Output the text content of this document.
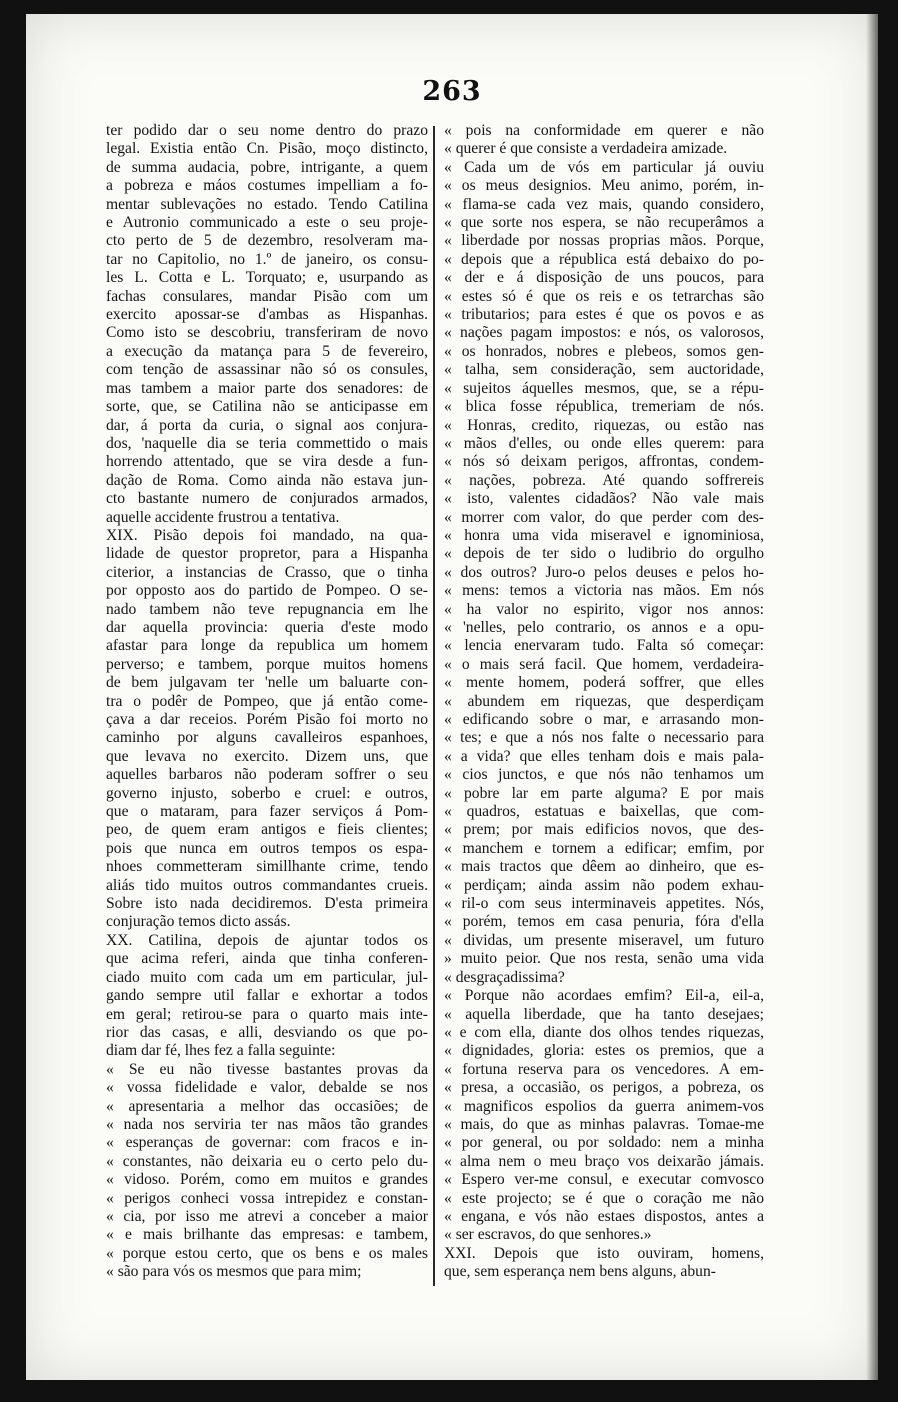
263
ter podido dar o seu nome dentro do prazo
legal. Existia então Cn. Pisão, moço distincto,
de summa audacia, pobre, intrigante, a quem
a pobreza e máos costumes impelliam a fo-
mentar sublevações no estado. Tendo Catilina
e Autronio communicado a este o seu proje-
cto perto de 5 de dezembro, resolveram ma-
tar no Capitolio, no 1.º de janeiro, os consu-
les L. Cotta e L. Torquato; e, usurpando as
fachas consulares, mandar Pisão com um
exercito apossar-se d'ambas as Hispanhas.
Como isto se descobriu, transferiram de novo
a execução da matança para 5 de fevereiro,
com tenção de assassinar não só os consules,
mas tambem a maior parte dos senadores: de
sorte, que, se Catilina não se anticipasse em
dar, á porta da curia, o signal aos conjura-
dos, 'naquelle dia se teria commettido o mais
horrendo attentado, que se vira desde a fun-
dação de Roma. Como ainda não estava jun-
cto bastante numero de conjurados armados,
aquelle accidente frustrou a tentativa.
XIX. Pisão depois foi mandado, na qua-
lidade de questor propretor, para a Hispanha
citerior, a instancias de Crasso, que o tinha
por opposto aos do partido de Pompeo. O se-
nado tambem não teve repugnancia em lhe
dar aquella provincia: queria d'este modo
afastar para longe da republica um homem
perverso; e tambem, porque muitos homens
de bem julgavam ter 'nelle um baluarte con-
tra o podêr de Pompeo, que já então come-
çava a dar receios. Porém Pisão foi morto no
caminho por alguns cavalleiros espanhoes,
que levava no exercito. Dizem uns, que
aquelles barbaros não poderam soffrer o seu
governo injusto, soberbo e cruel: e outros,
que o mataram, para fazer serviços á Pom-
peo, de quem eram antigos e fieis clientes;
pois que nunca em outros tempos os espa-
nhoes commetteram simillhante crime, tendo
aliás tido muitos outros commandantes crueis.
Sobre isto nada decidiremos. D'esta primeira
conjuração temos dicto assás.
XX. Catilina, depois de ajuntar todos os
que acima referi, ainda que tinha conferen-
ciado muito com cada um em particular, jul-
gando sempre util fallar e exhortar a todos
em geral; retirou-se para o quarto mais inte-
rior das casas, e alli, desviando os que po-
diam dar fé, lhes fez a falla seguinte:
« Se eu não tivesse bastantes provas da
« vossa fidelidade e valor, debalde se nos
« apresentaria a melhor das occasiões; de
« nada nos serviria ter nas mãos tão grandes
« esperanças de governar: com fracos e in-
« constantes, não deixaria eu o certo pelo du-
« vidoso. Porém, como em muitos e grandes
« perigos conheci vossa intrepidez e constan-
« cia, por isso me atrevi a conceber a maior
« e mais brilhante das empresas: e tambem,
« porque estou certo, que os bens e os males
« são para vós os mesmos que para mim;
« pois na conformidade em querer e não
« querer é que consiste a verdadeira amizade.
« Cada um de vós em particular já ouviu
« os meus designios. Meu animo, porém, in-
« flama-se cada vez mais, quando considero,
« que sorte nos espera, se não recuperâmos a
« liberdade por nossas proprias mãos. Porque,
« depois que a républica está debaixo do po-
« der e á disposição de uns poucos, para
« estes só é que os reis e os tetrarchas são
« tributarios; para estes é que os povos e as
« nações pagam impostos: e nós, os valorosos,
« os honrados, nobres e plebeos, somos gen-
« talha, sem consideração, sem auctoridade,
« sujeitos áquelles mesmos, que, se a répu-
« blica fosse républica, tremeriam de nós.
« Honras, credito, riquezas, ou estão nas
« mãos d'elles, ou onde elles querem: para
« nós só deixam perigos, affrontas, condem-
« nações, pobreza. Até quando soffrereis
« isto, valentes cidadãos? Não vale mais
« morrer com valor, do que perder com des-
« honra uma vida miseravel e ignominiosa,
« depois de ter sido o ludibrio do orgulho
« dos outros? Juro-o pelos deuses e pelos ho-
« mens: temos a victoria nas mãos. Em nós
« ha valor no espirito, vigor nos annos:
« 'nelles, pelo contrario, os annos e a opu-
« lencia enervaram tudo. Falta só começar:
« o mais será facil. Que homem, verdadeira-
« mente homem, poderá soffrer, que elles
« abundem em riquezas, que desperdiçam
« edificando sobre o mar, e arrasando mon-
« tes; e que a nós nos falte o necessario para
« a vida? que elles tenham dois e mais pala-
« cios junctos, e que nós não tenhamos um
« pobre lar em parte alguma? E por mais
« quadros, estatuas e baixellas, que com-
« prem; por mais edificios novos, que des-
« manchem e tornem a edificar; emfim, por
« mais tractos que dêem ao dinheiro, que es-
« perdiçam; ainda assim não podem exhau-
« ril-o com seus interminaveis appetites. Nós,
« porém, temos em casa penuria, fóra d'ella
« dividas, um presente miseravel, um futuro
» muito peior. Que nos resta, senão uma vida
« desgraçadissima?
« Porque não acordaes emfim? Eil-a, eil-a,
« aquella liberdade, que ha tanto desejaes;
« e com ella, diante dos olhos tendes riquezas,
« dignidades, gloria: estes os premios, que a
« fortuna reserva para os vencedores. A em-
« presa, a occasião, os perigos, a pobreza, os
« magnificos espolios da guerra animem-vos
« mais, do que as minhas palavras. Tomae-me
« por general, ou por soldado: nem a minha
« alma nem o meu braço vos deixarão jámais.
« Espero ver-me consul, e executar comvosco
« este projecto; se é que o coração me não
« engana, e vós não estaes dispostos, antes a
« ser escravos, do que senhores.»
XXI. Depois que isto ouviram, homens,
que, sem esperança nem bens alguns, abun-
